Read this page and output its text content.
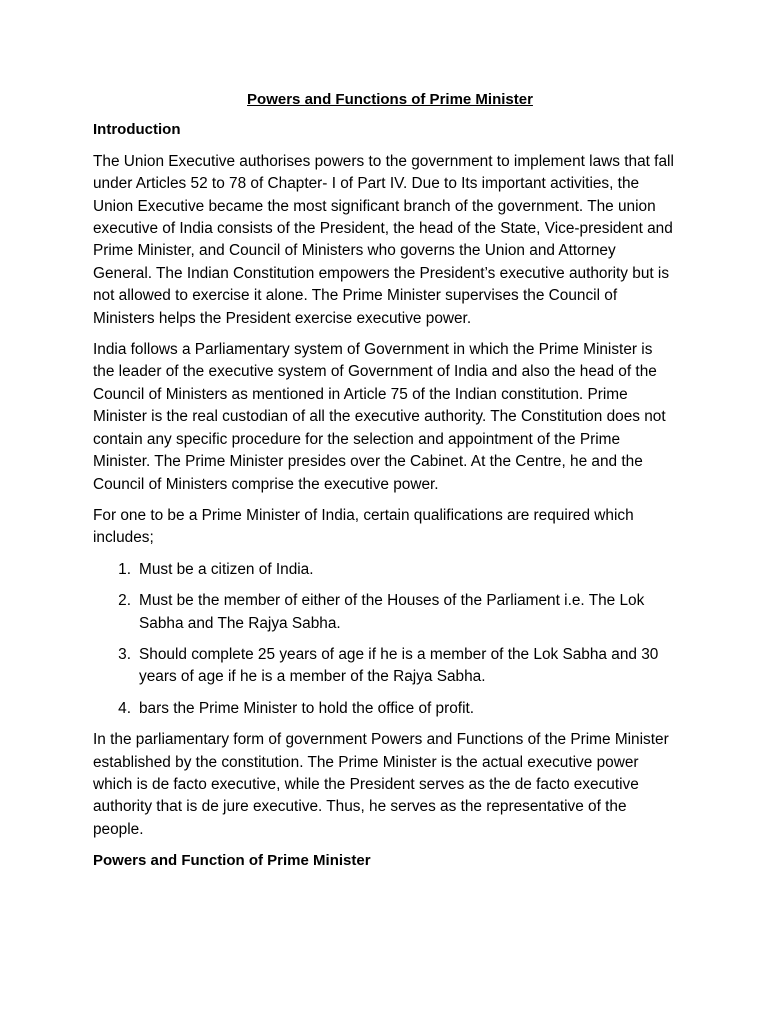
Powers and Functions of Prime Minister
Introduction

The Union Executive authorises powers to the government to implement laws that fall under Articles 52 to 78 of Chapter- I of Part IV. Due to Its important activities, the Union Executive became the most significant branch of the government. The union executive of India consists of the President, the head of the State, Vice-president and Prime Minister, and Council of Ministers who governs the Union and Attorney General. The Indian Constitution empowers the President’s executive authority but is not allowed to exercise it alone. The Prime Minister supervises the Council of Ministers helps the President exercise executive power.

India follows a Parliamentary system of Government in which the Prime Minister is the leader of the executive system of Government of India and also the head of the Council of Ministers as mentioned in Article 75 of the Indian constitution. Prime Minister is the real custodian of all the executive authority. The Constitution does not contain any specific procedure for the selection and appointment of the Prime Minister. The Prime Minister presides over the Cabinet. At the Centre, he and the Council of Ministers comprise the executive power.

For one to be a Prime Minister of India, certain qualifications are required which includes;

1. Must be a citizen of India.
2. Must be the member of either of the Houses of the Parliament i.e. The Lok Sabha and The Rajya Sabha.
3. Should complete 25 years of age if he is a member of the Lok Sabha and 30 years of age if he is a member of the Rajya Sabha.
4. bars the Prime Minister to hold the office of profit.

In the parliamentary form of government Powers and Functions of the Prime Minister established by the constitution. The Prime Minister is the actual executive power which is de facto executive, while the President serves as the de facto executive authority that is de jure executive. Thus, he serves as the representative of the people.

Powers and Function of Prime Minister
